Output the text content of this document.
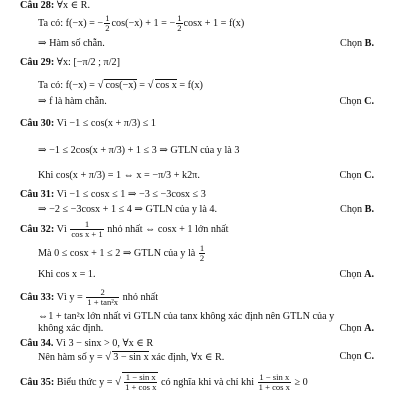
Câu 28: ∀x ∈ R.
Ta có: f(−x) = − $\frac{1}{2} \cos(-x) + 1$ = − $\frac{1}{2}$ cosx + 1 = f(x)
⇒ Hàm số chẵn.	Chọn B.
Câu 29: ∀x: [−π/2 ; π/2]
Ta có: f(−x) = √ cos(−x) = √ cos x = f(x)
⇒ f là hàm chẵn.	Chọn C.
Câu 30: Vì −1 ≤ cos(x + π/3) ≤ 1
⇒ −1 ≤ 2cos(x + π/3) + 1 ≤ 3 ⇒ GTLN của y là 3
Khi cos(x + π/3) = 1 ⇔ x = −π/3 + k2π.	Chọn C.
Câu 31: Vì −1 ≤ cosx ≤ 1 ⇒ −3 ≤ −3cosx ≤ 3
⇒ −2 ≤ −3cosx + 1 ≤ 4 ⇒ GTLN của y là 4.	Chọn B.
Câu 32: Vì $\frac{1}{\text{cos x + 1}}$ nhỏ nhất ⇔ cosx + 1 lớn nhất
Mà 0 ≤ cosx + 1 ≤ 2 ⇒ GTLN của y là $\frac{1}{2}$
Khi cos x = 1.	Chọn A.
Câu 33: Vì $y = \frac{2}{\text{1 + tan²x}}$ nhỏ nhất
⇔1 + tan²x lớn nhất vì GTLN của tanx không xác định nên GTLN của y
không xác định.	Chọn A.
Câu 34. Vì 3 − sinx > 0, ∀x ∈ R
Nên hàm số y = √ 3 − sin x xác định, ∀x ∈ R.	Chọn C.
Câu 35: Biểu thức y = √ $\frac{\text{1 − sin x}}{\text{1 + cos x}}$ có nghĩa khi và chỉ khi $\frac{\text{1 − sin x}}{\text{1 + cos x}} \ge 0$
